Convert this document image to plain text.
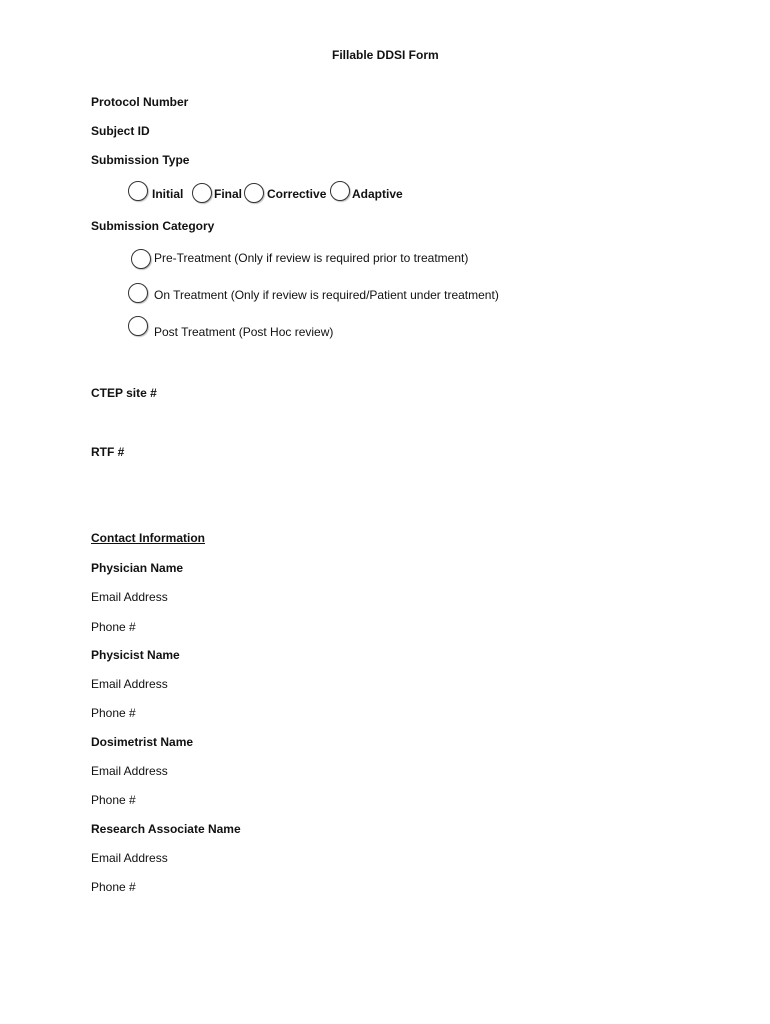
Fillable DDSI Form
Protocol Number
Subject ID
Submission Type
Initial	Final Corrective Adaptive
Submission Category
Pre-Treatment (Only if review is required prior to treatment)
On Treatment (Only if review is required/Patient under treatment)
Post Treatment (Post Hoc review)
CTEP site #
RTF #
Contact Information
Physician Name
Email Address
Phone #
Physicist Name
Email Address
Phone #
Dosimetrist Name
Email Address
Phone #
Research Associate Name
Email Address
Phone #
